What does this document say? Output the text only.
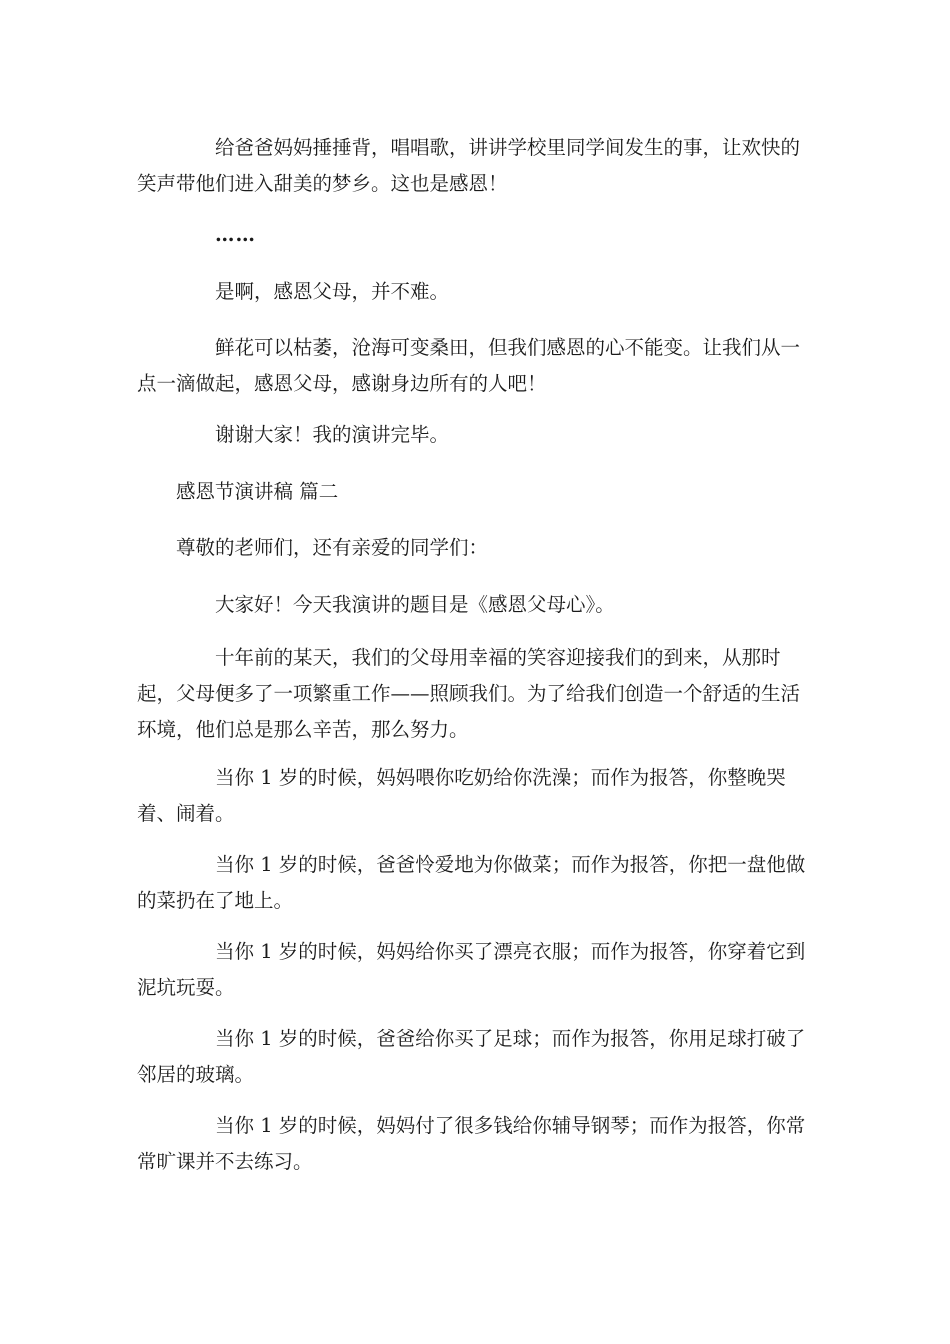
给爸爸妈妈捶捶背，唱唱歌，讲讲学校里同学间发生的事，让欢快的笑声带他们进入甜美的梦乡。这也是感恩！

……

是啊，感恩父母，并不难。

鲜花可以枯萎，沧海可变桑田，但我们感恩的心不能变。让我们从一点一滴做起，感恩父母，感谢身边所有的人吧！

谢谢大家！我的演讲完毕。

感恩节演讲稿 篇二

尊敬的老师们，还有亲爱的同学们：

大家好！今天我演讲的题目是《感恩父母心》。

十年前的某天，我们的父母用幸福的笑容迎接我们的到来，从那时起，父母便多了一项繁重工作——照顾我们。为了给我们创造一个舒适的生活环境，他们总是那么辛苦，那么努力。

当你 1 岁的时候，妈妈喂你吃奶给你洗澡；而作为报答，你整晚哭着、闹着。

当你 1 岁的时候，爸爸怜爱地为你做菜；而作为报答，你把一盘他做的菜扔在了地上。

当你 1 岁的时候，妈妈给你买了漂亮衣服；而作为报答，你穿着它到泥坑玩耍。

当你 1 岁的时候，爸爸给你买了足球；而作为报答，你用足球打破了邻居的玻璃。

当你 1 岁的时候，妈妈付了很多钱给你辅导钢琴；而作为报答，你常常旷课并不去练习。
